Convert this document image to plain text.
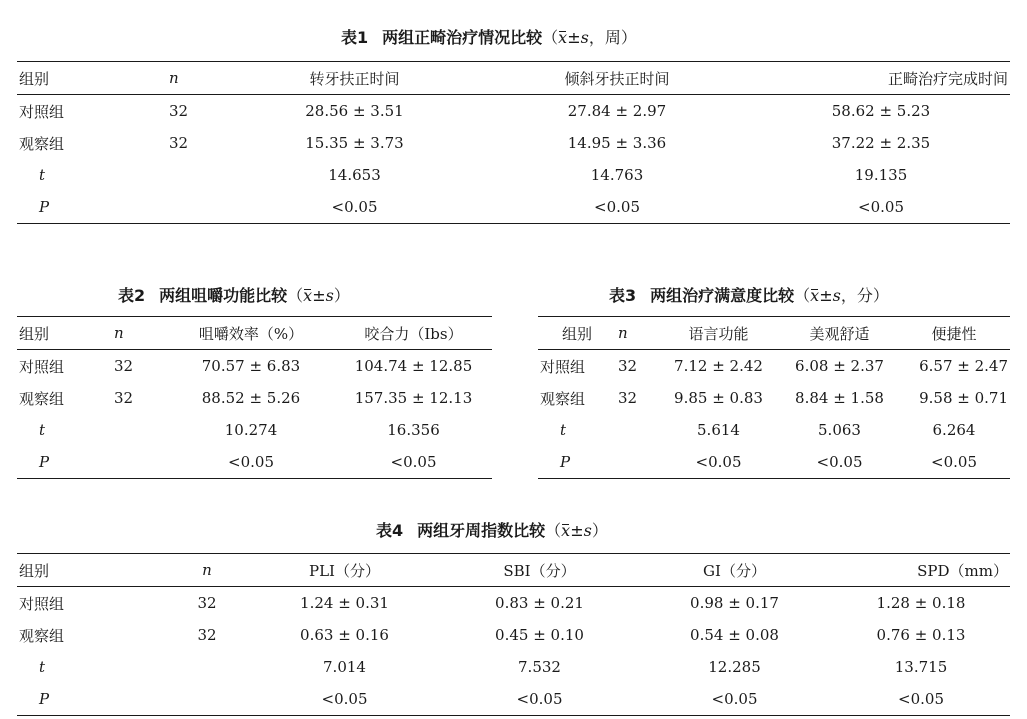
表1 两组正畸治疗情况比较（x±s，周）
组别	n	转牙扶正时间	倾斜牙扶正时间	正畸治疗完成时间
对照组	32	28.56 ± 3.51	27.84 ± 2.97	58.62 ± 5.23
观察组	32	15.35 ± 3.73	14.95 ± 3.36	37.22 ± 2.35
t		14.653	14.763	19.135
P		<0.05	<0.05	<0.05
表2 两组咀嚼功能比较（x±s）
组别	n	咀嚼效率（%）	咬合力（Ibs）
对照组	32	70.57 ± 6.83	104.74 ± 12.85
观察组	32	88.52 ± 5.26	157.35 ± 12.13
t		10.274	16.356
P		<0.05	<0.05
表3 两组治疗满意度比较（x±s，分）
组别	n	语言功能	美观舒适	便捷性
对照组	32	7.12 ± 2.42	6.08 ± 2.37	6.57 ± 2.47
观察组	32	9.85 ± 0.83	8.84 ± 1.58	9.58 ± 0.71
t		5.614	5.063	6.264
P		<0.05	<0.05	<0.05
表4 两组牙周指数比较（x±s）
组别	n	PLI（分）	SBI（分）	GI（分）	SPD（mm）
对照组	32	1.24 ± 0.31	0.83 ± 0.21	0.98 ± 0.17	1.28 ± 0.18
观察组	32	0.63 ± 0.16	0.45 ± 0.10	0.54 ± 0.08	0.76 ± 0.13
t		7.014	7.532	12.285	13.715
P		<0.05	<0.05	<0.05	<0.05
